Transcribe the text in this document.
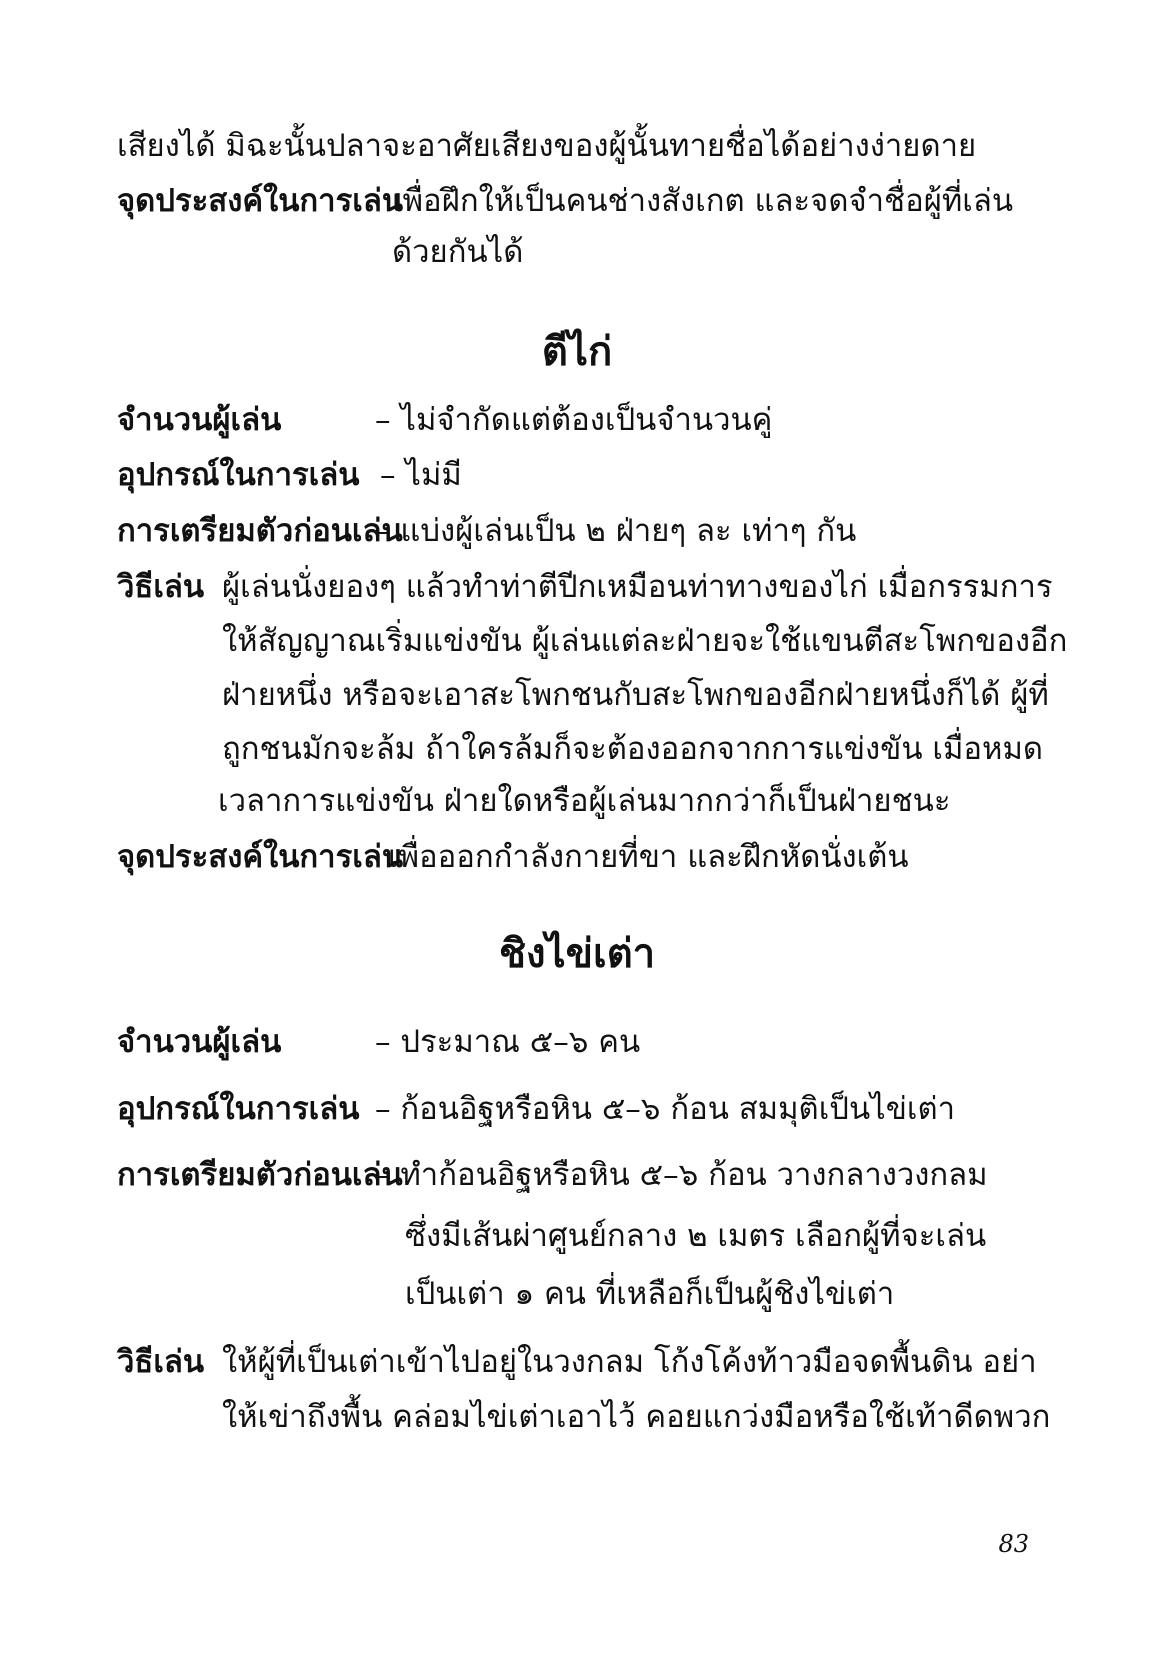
เสียงได้ มิฉะนั้นปลาจะอาศัยเสียงของผู้นั้นทายชื่อได้อย่างง่ายดาย
จุดประสงค์ในการเล่น
เพื่อฝึกให้เป็นคนช่างสังเกต และจดจำชื่อผู้ที่เล่น
ด้วยกันได้
ตีไก่
จำนวนผู้เล่น	– ไม่จำกัดแต่ต้องเป็นจำนวนคู่
อุปกรณ์ในการเล่น – ไม่มี
การเตรียมตัวก่อนเล่น
– แบ่งผู้เล่นเป็น ๒ ฝ่ายๆ ละ เท่าๆ กัน
วิธีเล่น ผู้เล่นนั่งยองๆ แล้วทำท่าตีปีกเหมือนท่าทางของไก่ เมื่อกรรมการ
ให้สัญญาณเริ่มแข่งขัน ผู้เล่นแต่ละฝ่ายจะใช้แขนตีสะโพกของอีก
ฝ่ายหนึ่ง หรือจะเอาสะโพกชนกับสะโพกของอีกฝ่ายหนึ่งก็ได้ ผู้ที่
ถูกชนมักจะล้ม ถ้าใครล้มก็จะต้องออกจากการแข่งขัน เมื่อหมด
เวลาการแข่งขัน ฝ่ายใดหรือผู้เล่นมากกว่าก็เป็นฝ่ายชนะ
จุดประสงค์ในการเล่น
เพื่อออกกำลังกายที่ขา และฝึกหัดนั่งเต้น
ชิงไข่เต่า
จำนวนผู้เล่น	– ประมาณ ๕–๖ คน
อุปกรณ์ในการเล่น – ก้อนอิฐหรือหิน ๕–๖ ก้อน สมมุติเป็นไข่เต่า
การเตรียมตัวก่อนเล่น
– ทำก้อนอิฐหรือหิน ๕–๖ ก้อน วางกลางวงกลม
ซึ่งมีเส้นผ่าศูนย์กลาง ๒ เมตร เลือกผู้ที่จะเล่น
เป็นเต่า ๑ คน ที่เหลือก็เป็นผู้ชิงไข่เต่า
วิธีเล่น ให้ผู้ที่เป็นเต่าเข้าไปอยู่ในวงกลม โก้งโค้งท้าวมือจดพื้นดิน อย่า
ให้เข่าถึงพื้น คล่อมไข่เต่าเอาไว้ คอยแกว่งมือหรือใช้เท้าดีดพวก
83
